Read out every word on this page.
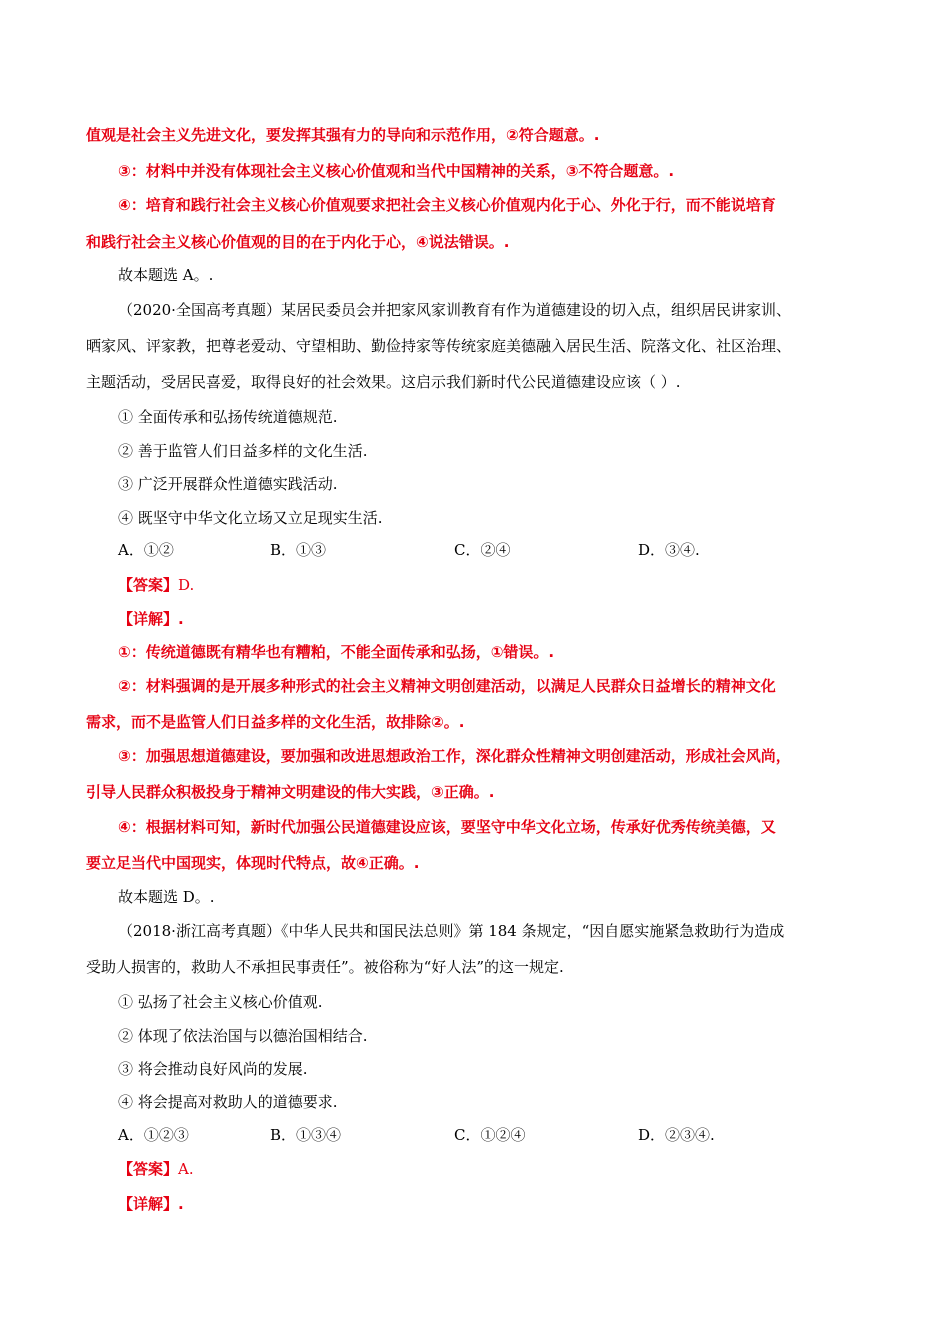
值观是社会主义先进文化，要发挥其强有力的导向和示范作用，②符合题意。.
③：材料中并没有体现社会主义核心价值观和当代中国精神的关系，③不符合题意。.
④：培育和践行社会主义核心价值观要求把社会主义核心价值观内化于心、外化于行，而不能说培育
和践行社会主义核心价值观的目的在于内化于心，④说法错误。.
故本题选 A。.
（2020·全国高考真题）某居民委员会并把家风家训教育有作为道德建设的切入点，组织居民讲家训、
晒家风、评家教，把尊老爱动、守望相助、勤俭持家等传统家庭美德融入居民生活、院落文化、社区治理、
主题活动，受居民喜爱，取得良好的社会效果。这启示我们新时代公民道德建设应该（ ）.
① 全面传承和弘扬传统道德规范.
② 善于监管人们日益多样的文化生活.
③ 广泛开展群众性道德实践活动.
④ 既坚守中华文化立场又立足现实生活.
A．①②	B．①③	C．②④	D．③④.
【答案】D.
【详解】.
①：传统道德既有精华也有糟粕，不能全面传承和弘扬，①错误。.
②：材料强调的是开展多种形式的社会主义精神文明创建活动，以满足人民群众日益增长的精神文化
需求，而不是监管人们日益多样的文化生活，故排除②。.
③：加强思想道德建设，要加强和改进思想政治工作，深化群众性精神文明创建活动，形成社会风尚，
引导人民群众积极投身于精神文明建设的伟大实践，③正确。.
④：根据材料可知，新时代加强公民道德建设应该，要坚守中华文化立场，传承好优秀传统美德，又
要立足当代中国现实，体现时代特点，故④正确。.
故本题选 D。.
（2018·浙江高考真题）《中华人民共和国民法总则》第 184 条规定，“因自愿实施紧急救助行为造成
受助人损害的，救助人不承担民事责任”。被俗称为“好人法”的这一规定.
① 弘扬了社会主义核心价值观.
② 体现了依法治国与以德治国相结合.
③ 将会推动良好风尚的发展.
④ 将会提高对救助人的道德要求.
A．①②③	B．①③④	C．①②④	D．②③④.
【答案】A.
【详解】.
